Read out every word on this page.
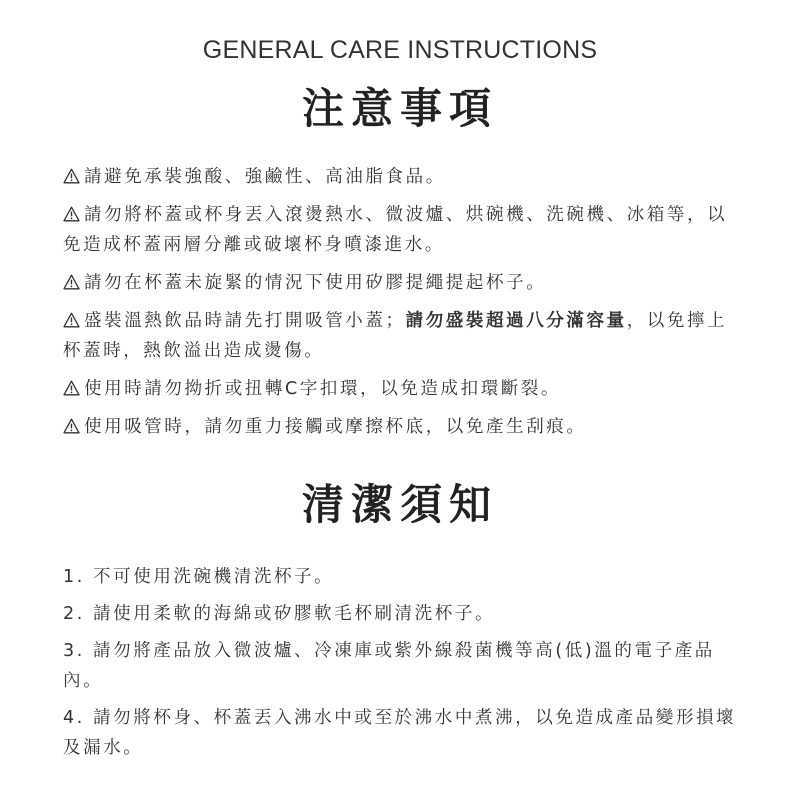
GENERAL CARE INSTRUCTIONS
注意事項
請避免承裝強酸、強鹼性、高油脂食品。
請勿將杯蓋或杯身丟入滾燙熱水、微波爐、烘碗機、洗碗機、冰箱等，以免造成杯蓋兩層分離或破壞杯身噴漆進水。
請勿在杯蓋未旋緊的情況下使用矽膠提繩提起杯子。
盛裝溫熱飲品時請先打開吸管小蓋；請勿盛裝超過八分滿容量，以免擰上杯蓋時，熱飲溢出造成燙傷。
使用時請勿拗折或扭轉C字扣環，以免造成扣環斷裂。
使用吸管時，請勿重力接觸或摩擦杯底，以免產生刮痕。
清潔須知
1. 不可使用洗碗機清洗杯子。
2. 請使用柔軟的海綿或矽膠軟毛杯刷清洗杯子。
3. 請勿將產品放入微波爐、冷凍庫或紫外線殺菌機等高(低)溫的電子產品內。
4. 請勿將杯身、杯蓋丟入沸水中或至於沸水中煮沸，以免造成產品變形損壞及漏水。
